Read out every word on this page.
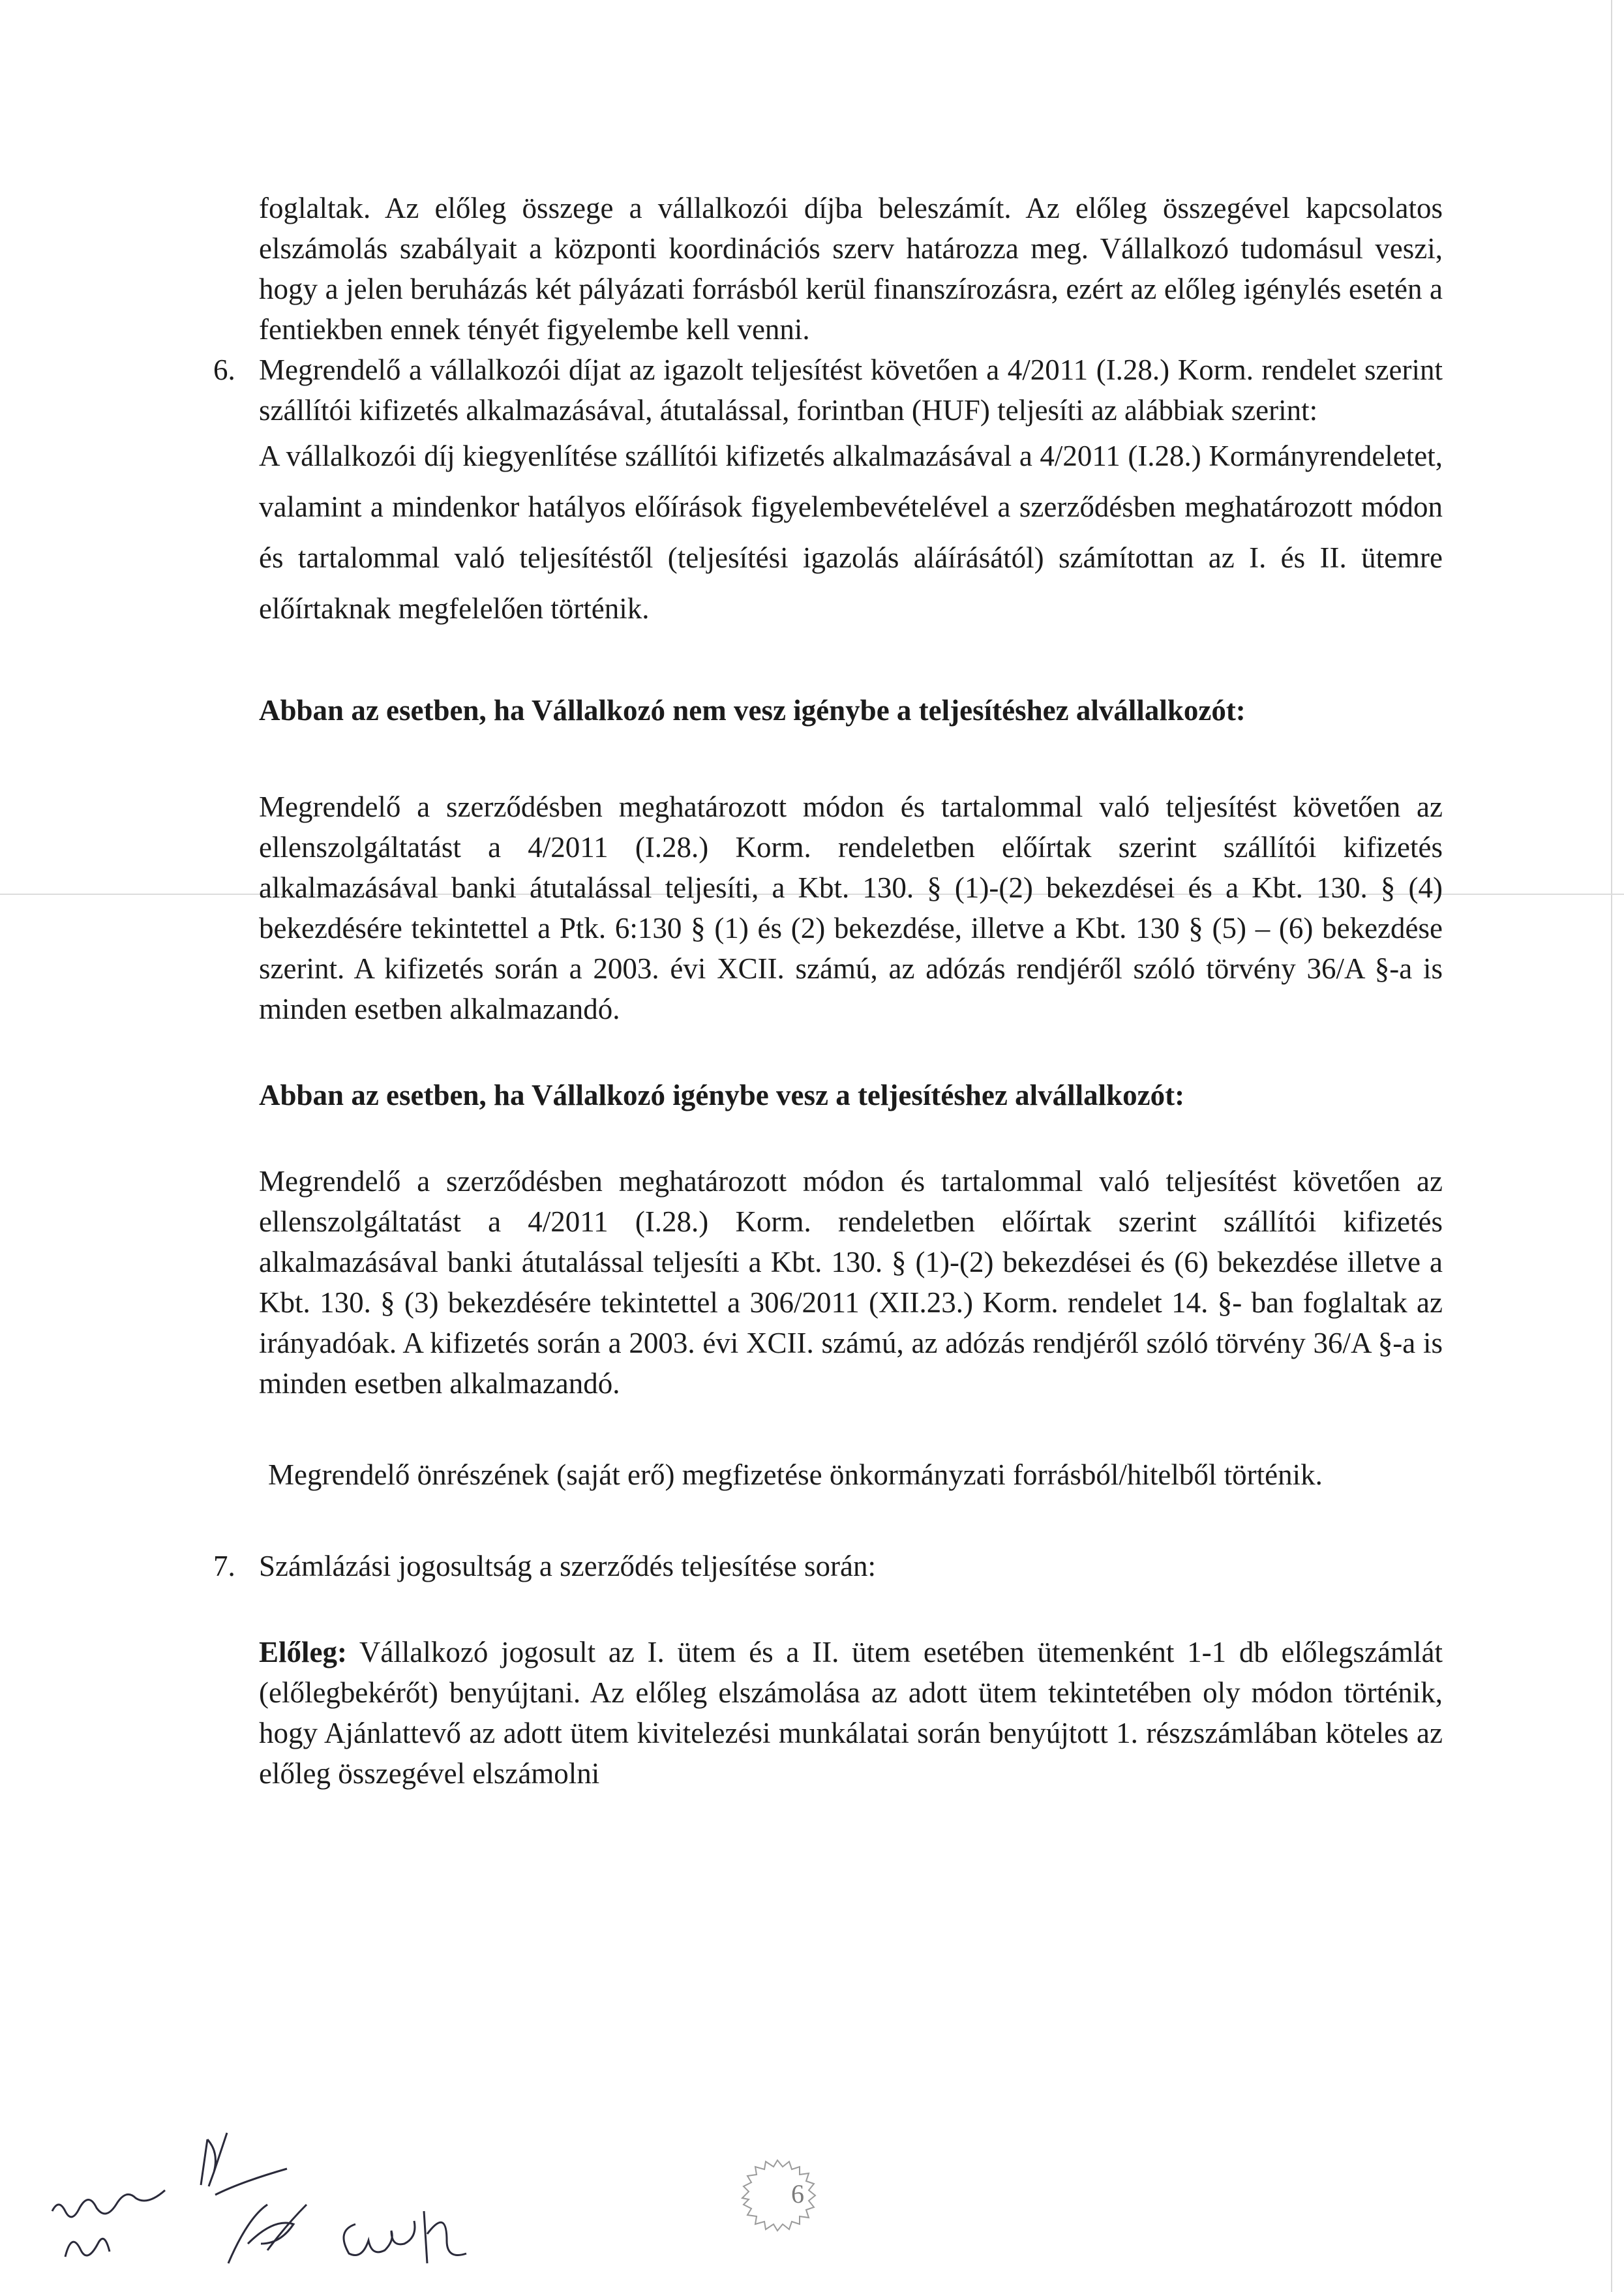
foglaltak. Az előleg összege a vállalkozói díjba beleszámít. Az előleg összegével kapcsolatos elszámolás szabályait a központi koordinációs szerv határozza meg. Vállalkozó tudomásul veszi, hogy a jelen beruházás két pályázati forrásból kerül finanszírozásra, ezért az előleg igénylés esetén a fentiekben ennek tényét figyelembe kell venni.

6. Megrendelő a vállalkozói díjat az igazolt teljesítést követően a 4/2011 (I.28.) Korm. rendelet szerint szállítói kifizetés alkalmazásával, átutalással, forintban (HUF) teljesíti az alábbiak szerint:

A vállalkozói díj kiegyenlítése szállítói kifizetés alkalmazásával a 4/2011 (I.28.) Kormányrendeletet, valamint a mindenkor hatályos előírások figyelembevételével a szerződésben meghatározott módon és tartalommal való teljesítéstől (teljesítési igazolás aláírásától) számítottan az I. és II. ütemre előírtaknak megfelelően történik.

Abban az esetben, ha Vállalkozó nem vesz igénybe a teljesítéshez alvállalkozót:

Megrendelő a szerződésben meghatározott módon és tartalommal való teljesítést követően az ellenszolgáltatást a 4/2011 (I.28.) Korm. rendeletben előírtak szerint szállítói kifizetés alkalmazásával banki átutalással teljesíti, a Kbt. 130. § (1)-(2) bekezdései és a Kbt. 130. § (4) bekezdésére tekintettel a Ptk. 6:130 § (1) és (2) bekezdése, illetve a Kbt. 130 § (5) – (6) bekezdése szerint. A kifizetés során a 2003. évi XCII. számú, az adózás rendjéről szóló törvény 36/A §-a is minden esetben alkalmazandó.

Abban az esetben, ha Vállalkozó igénybe vesz a teljesítéshez alvállalkozót:

Megrendelő a szerződésben meghatározott módon és tartalommal való teljesítést követően az ellenszolgáltatást a 4/2011 (I.28.) Korm. rendeletben előírtak szerint szállítói kifizetés alkalmazásával banki átutalással teljesíti a Kbt. 130. § (1)-(2) bekezdései és (6) bekezdése illetve a Kbt. 130. § (3) bekezdésére tekintettel a 306/2011 (XII.23.) Korm. rendelet 14. §- ban foglaltak az irányadóak. A kifizetés során a 2003. évi XCII. számú, az adózás rendjéről szóló törvény 36/A §-a is minden esetben alkalmazandó.

Megrendelő önrészének (saját erő) megfizetése önkormányzati forrásból/hitelből történik.

7. Számlázási jogosultság a szerződés teljesítése során:

Előleg: Vállalkozó jogosult az I. ütem és a II. ütem esetében ütemenként 1-1 db előlegszámlát (előlegbekérőt) benyújtani. Az előleg elszámolása az adott ütem tekintetében oly módon történik, hogy Ajánlattevő az adott ütem kivitelezési munkálatai során benyújtott 1. részszámlában köteles az előleg összegével elszámolni

6
